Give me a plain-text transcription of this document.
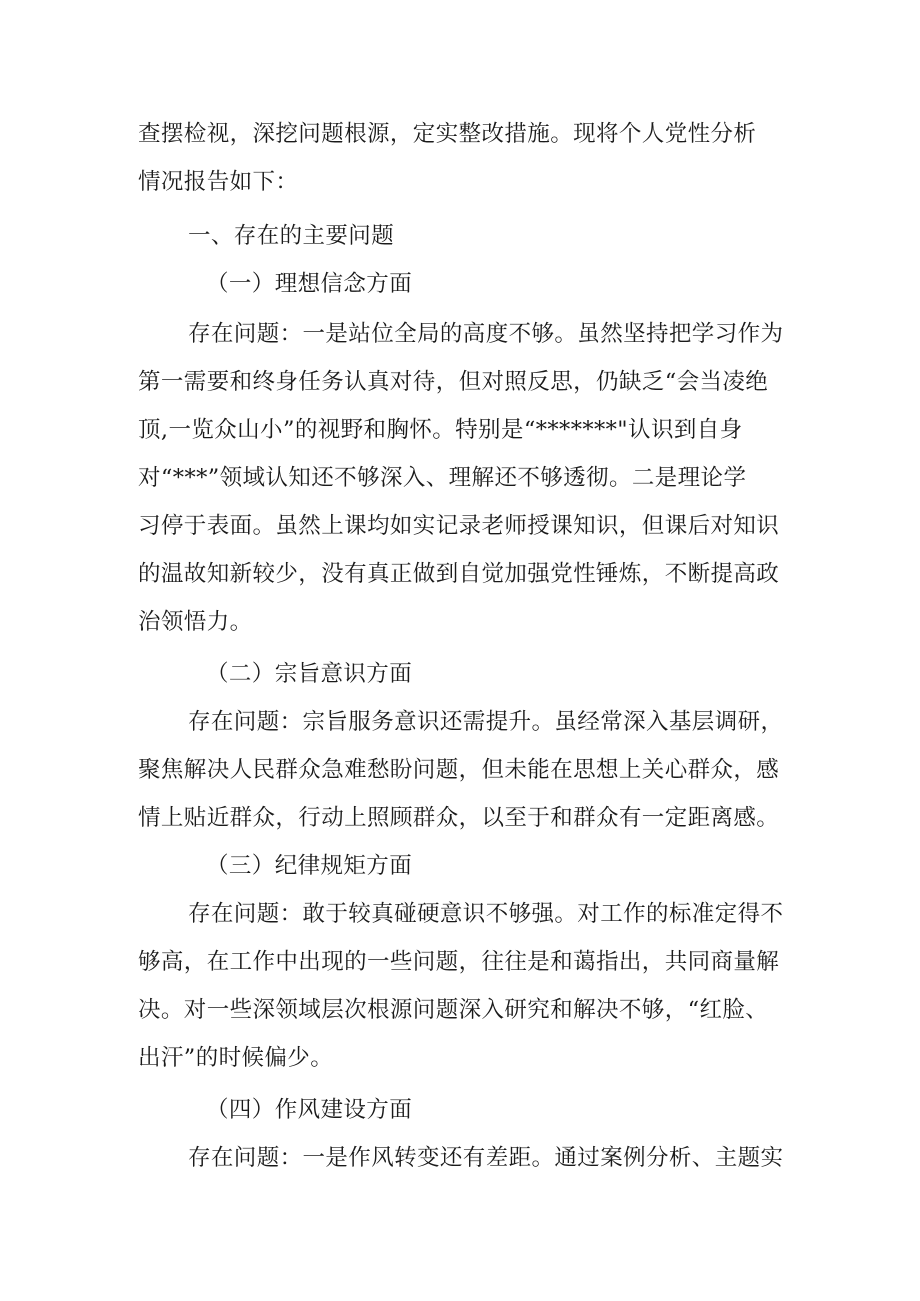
查摆检视，深挖问题根源，定实整改措施。现将个人党性分析
情况报告如下：
一、存在的主要问题
（一）理想信念方面
存在问题：一是站位全局的高度不够。虽然坚持把学习作为
第一需要和终身任务认真对待，但对照反思，仍缺乏“会当凌绝
顶,一览众山小”的视野和胸怀。特别是“*******"认识到自身
对“***”领域认知还不够深入、理解还不够透彻。二是理论学
习停于表面。虽然上课均如实记录老师授课知识，但课后对知识
的温故知新较少，没有真正做到自觉加强党性锤炼，不断提高政
治领悟力。
（二）宗旨意识方面
存在问题：宗旨服务意识还需提升。虽经常深入基层调研，
聚焦解决人民群众急难愁盼问题，但未能在思想上关心群众，感
情上贴近群众，行动上照顾群众，以至于和群众有一定距离感。
（三）纪律规矩方面
存在问题：敢于较真碰硬意识不够强。对工作的标准定得不
够高，在工作中出现的一些问题，往往是和蔼指出，共同商量解
决。对一些深领域层次根源问题深入研究和解决不够，“红脸、
出汗”的时候偏少。
（四）作风建设方面
存在问题：一是作风转变还有差距。通过案例分析、主题实
